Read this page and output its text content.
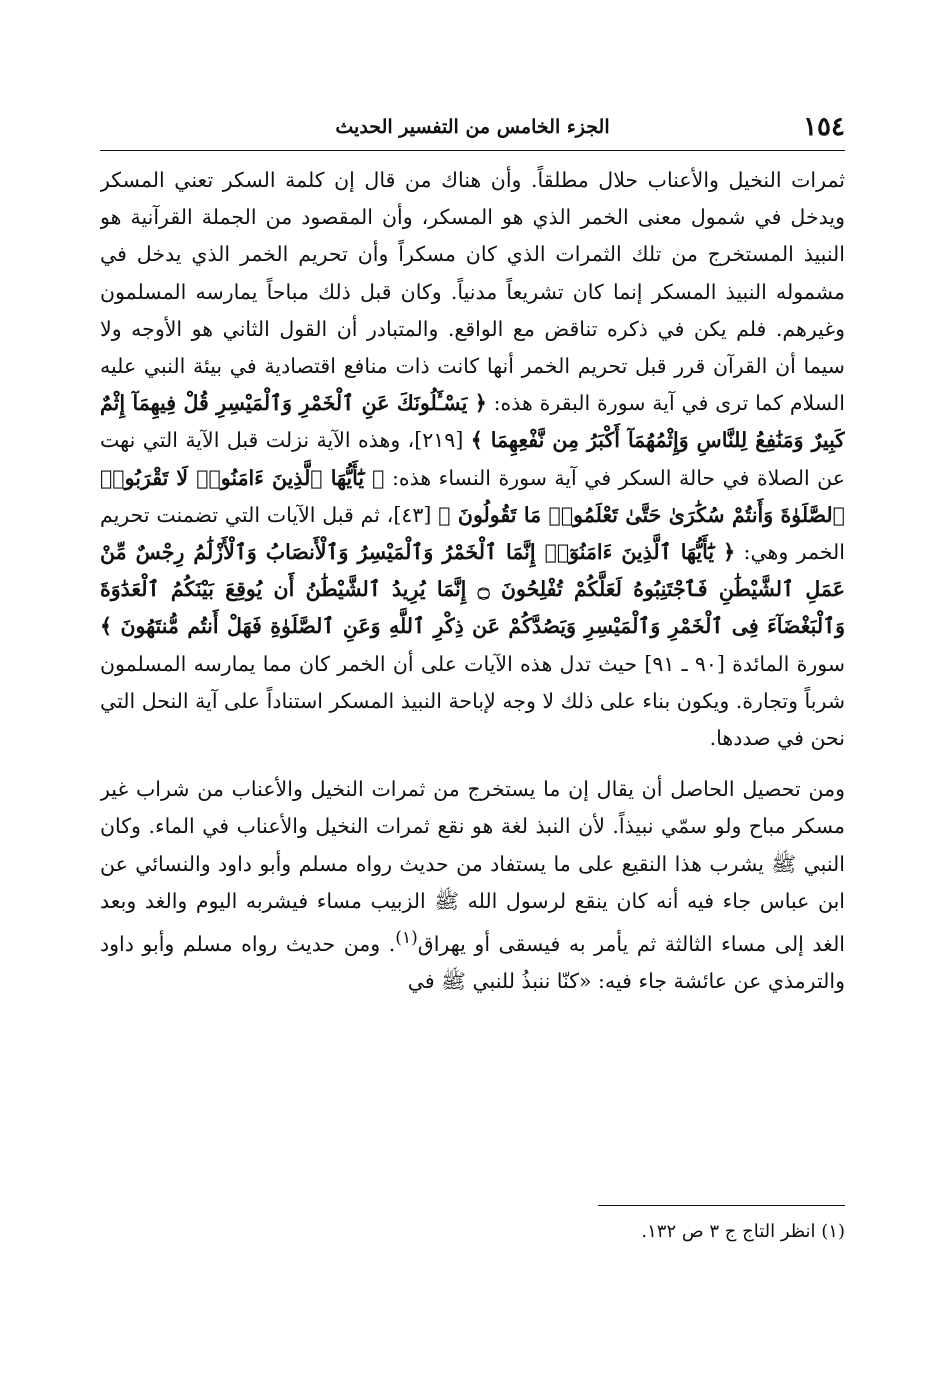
١٥٤
الجزء الخامس من التفسير الحديث

ثمرات النخيل والأعناب حلال مطلقاً. وأن هناك من قال إن كلمة السكر تعني المسكر ويدخل في شمول معنى الخمر الذي هو المسكر، وأن المقصود من الجملة القرآنية هو النبيذ المستخرج من تلك الثمرات الذي كان مسكراً وأن تحريم الخمر الذي يدخل في مشموله النبيذ المسكر إنما كان تشريعاً مدنياً. وكان قبل ذلك مباحاً يمارسه المسلمون وغيرهم. فلم يكن في ذكره تناقض مع الواقع. والمتبادر أن القول الثاني هو الأوجه ولا سيما أن القرآن قرر قبل تحريم الخمر أنها كانت ذات منافع اقتصادية في بيئة النبي عليه السلام كما ترى في آية سورة البقرة هذه: ﴿ يَسْـَٔلُونَكَ عَنِ ٱلْخَمْرِ وَٱلْمَيْسِرِ قُلْ فِيهِمَآ إِثْمٌ كَبِيرٌ وَمَنَٰفِعُ لِلنَّاسِ وَإِثْمُهُمَآ أَكْبَرُ مِن نَّفْعِهِمَا ﴾ [٢١٩]، وهذه الآية نزلت قبل الآية التي نهت عن الصلاة في حالة السكر في آية سورة النساء هذه: ﴿ يَٰٓأَيُّهَا ٱلَّذِينَ ءَامَنُوا۟ لَا تَقْرَبُوا۟ ٱلصَّلَوٰةَ وَأَنتُمْ سُكَٰرَىٰ حَتَّىٰ تَعْلَمُوا۟ مَا تَقُولُونَ ﴾ [٤٣]، ثم قبل الآيات التي تضمنت تحريم الخمر وهي: ﴿ يَٰٓأَيُّهَا ٱلَّذِينَ ءَامَنُوٓا۟ إِنَّمَا ٱلْخَمْرُ وَٱلْمَيْسِرُ وَٱلْأَنصَابُ وَٱلْأَزْلَٰمُ رِجْسٌ مِّنْ عَمَلِ ٱلشَّيْطَٰنِ فَٱجْتَنِبُوهُ لَعَلَّكُمْ تُفْلِحُونَ ۝ إِنَّمَا يُرِيدُ ٱلشَّيْطَٰنُ أَن يُوقِعَ بَيْنَكُمُ ٱلْعَدَٰوَةَ وَٱلْبَغْضَآءَ فِى ٱلْخَمْرِ وَٱلْمَيْسِرِ وَيَصُدَّكُمْ عَن ذِكْرِ ٱللَّهِ وَعَنِ ٱلصَّلَوٰةِ فَهَلْ أَنتُم مُّنتَهُونَ ﴾ سورة المائدة [٩٠ ـ ٩١] حيث تدل هذه الآيات على أن الخمر كان مما يمارسه المسلمون شرباً وتجارة. ويكون بناء على ذلك لا وجه لإباحة النبيذ المسكر استناداً على آية النحل التي نحن في صددها.

ومن تحصيل الحاصل أن يقال إن ما يستخرج من ثمرات النخيل والأعناب من شراب غير مسكر مباح ولو سمّي نبيذاً. لأن النبذ لغة هو نقع ثمرات النخيل والأعناب في الماء. وكان النبي ﷺ يشرب هذا النقيع على ما يستفاد من حديث رواه مسلم وأبو داود والنسائي عن ابن عباس جاء فيه أنه كان ينقع لرسول الله ﷺ الزبيب مساء فيشربه اليوم والغد وبعد الغد إلى مساء الثالثة ثم يأمر به فيسقى أو يهراق$^{(١)}$. ومن حديث رواه مسلم وأبو داود والترمذي عن عائشة جاء فيه: «كنّا ننبذُ للنبي ﷺ في

(١) انظر التاج ج ٣ ص ١٣٢.
